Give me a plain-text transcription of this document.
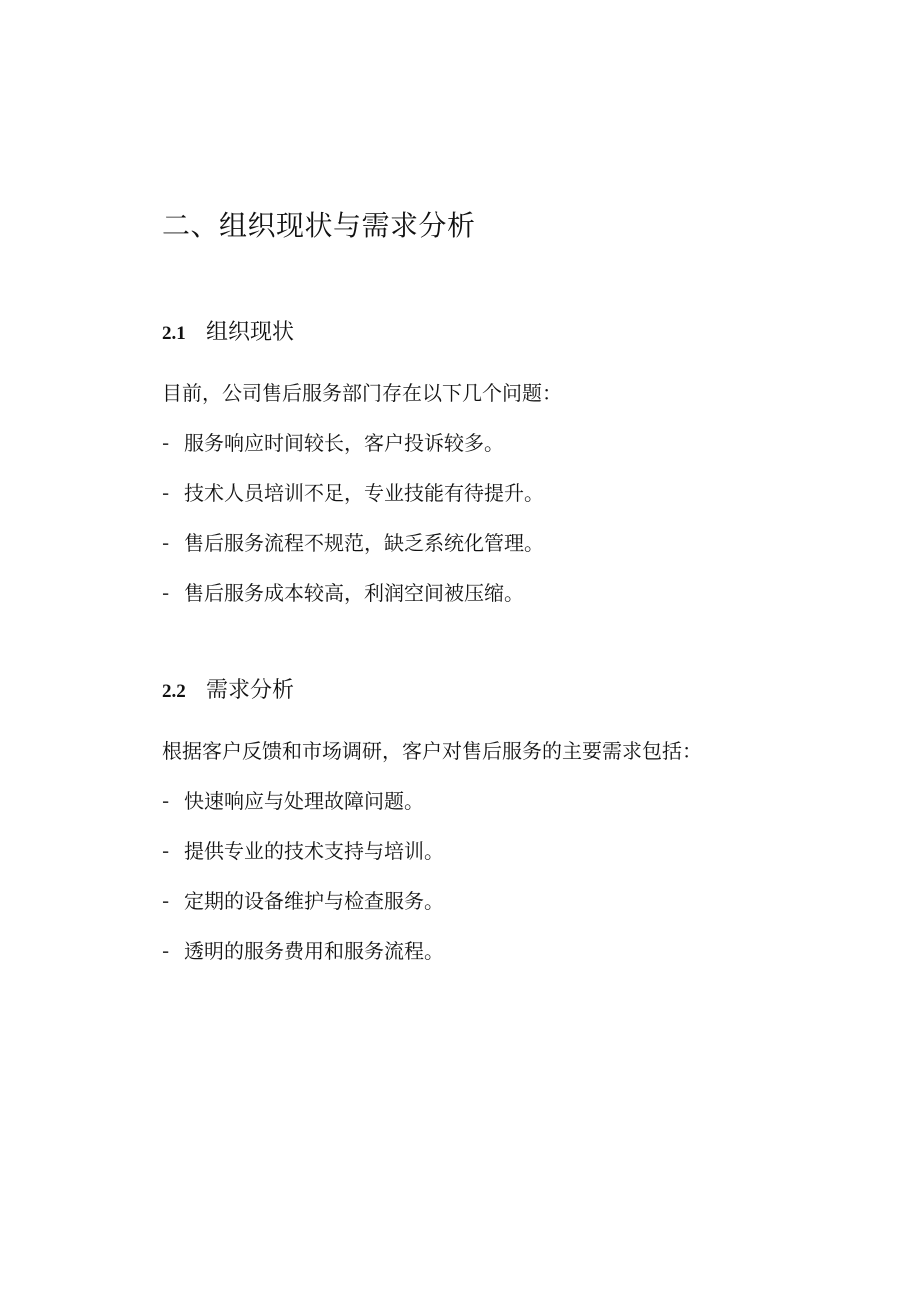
二、组织现状与需求分析
2.1 组织现状

目前，公司售后服务部门存在以下几个问题：

- 服务响应时间较长，客户投诉较多。
- 技术人员培训不足，专业技能有待提升。
- 售后服务流程不规范，缺乏系统化管理。
- 售后服务成本较高，利润空间被压缩。
2.2 需求分析

根据客户反馈和市场调研，客户对售后服务的主要需求包括：

- 快速响应与处理故障问题。
- 提供专业的技术支持与培训。
- 定期的设备维护与检查服务。
- 透明的服务费用和服务流程。
